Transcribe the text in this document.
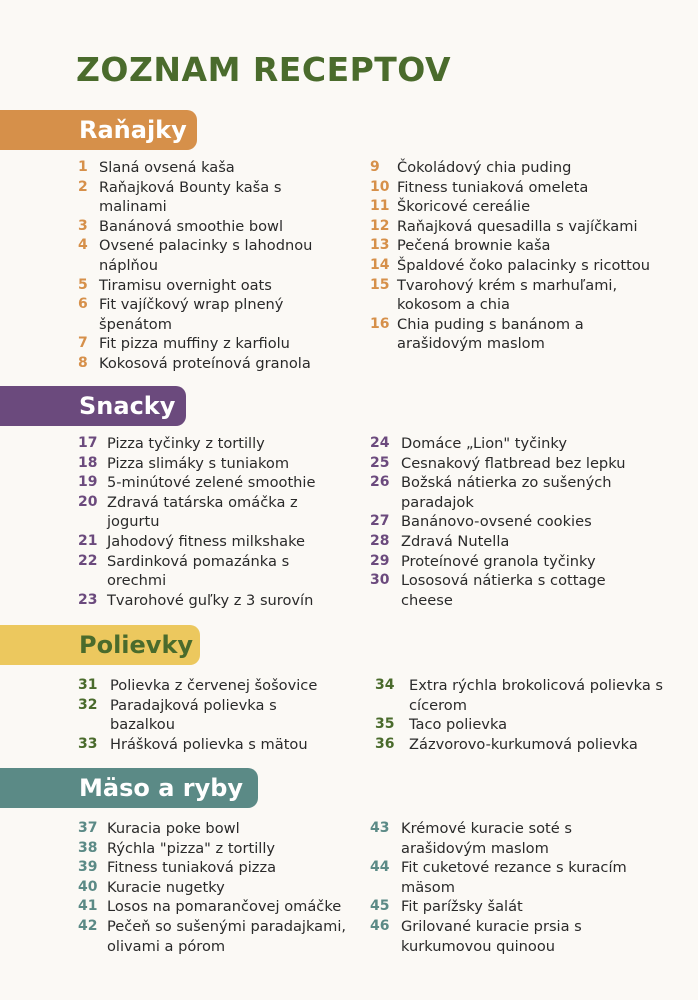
ZOZNAM RECEPTOV
Raňajky
1 Slaná ovsená kaša
2 Raňajková Bounty kaša s malinami
3 Banánová smoothie bowl
4 Ovsené palacinky s lahodnou náplňou
5 Tiramisu overnight oats
6 Fit vajíčkový wrap plnený špenátom
7 Fit pizza muffiny z karfiolu
8 Kokosová proteínová granola
9 Čokoládový chia puding
10 Fitness tuniaková omeleta
11 Škoricové cereálie
12 Raňajková quesadilla s vajíčkami
13 Pečená brownie kaša
14 Špaldové čoko palacinky s ricottou
15 Tvarohový krém s marhuľami, kokosom a chia
16 Chia puding s banánom a arašidovým maslom
Snacky
17 Pizza tyčinky z tortilly
18 Pizza slimáky s tuniakom
19 5-minútové zelené smoothie
20 Zdravá tatárska omáčka z jogurtu
21 Jahodový fitness milkshake
22 Sardinková pomazánka s orechmi
23 Tvarohové guľky z 3 surovín
24 Domáce „Lion" tyčinky
25 Cesnakový flatbread bez lepku
26 Božská nátierka zo sušených paradajok
27 Banánovo-ovsené cookies
28 Zdravá Nutella
29 Proteínové granola tyčinky
30 Lososová nátierka s cottage cheese
Polievky
31 Polievka z červenej šošovice
32 Paradajková polievka s bazalkou
33 Hrášková polievka s mätou
34 Extra rýchla brokolicová polievka s cícerom
35 Taco polievka
36 Zázvorovo-kurkumová polievka
Mäso a ryby
37 Kuracia poke bowl
38 Rýchla "pizza" z tortilly
39 Fitness tuniaková pizza
40 Kuracie nugetky
41 Losos na pomarančovej omáčke
42 Pečeň so sušenými paradajkami, olivami a pórom
43 Krémové kuracie soté s arašidovým maslom
44 Fit cuketové rezance s kuracím mäsom
45 Fit parížsky šalát
46 Grilované kuracie prsia s kurkumovou quinoou
